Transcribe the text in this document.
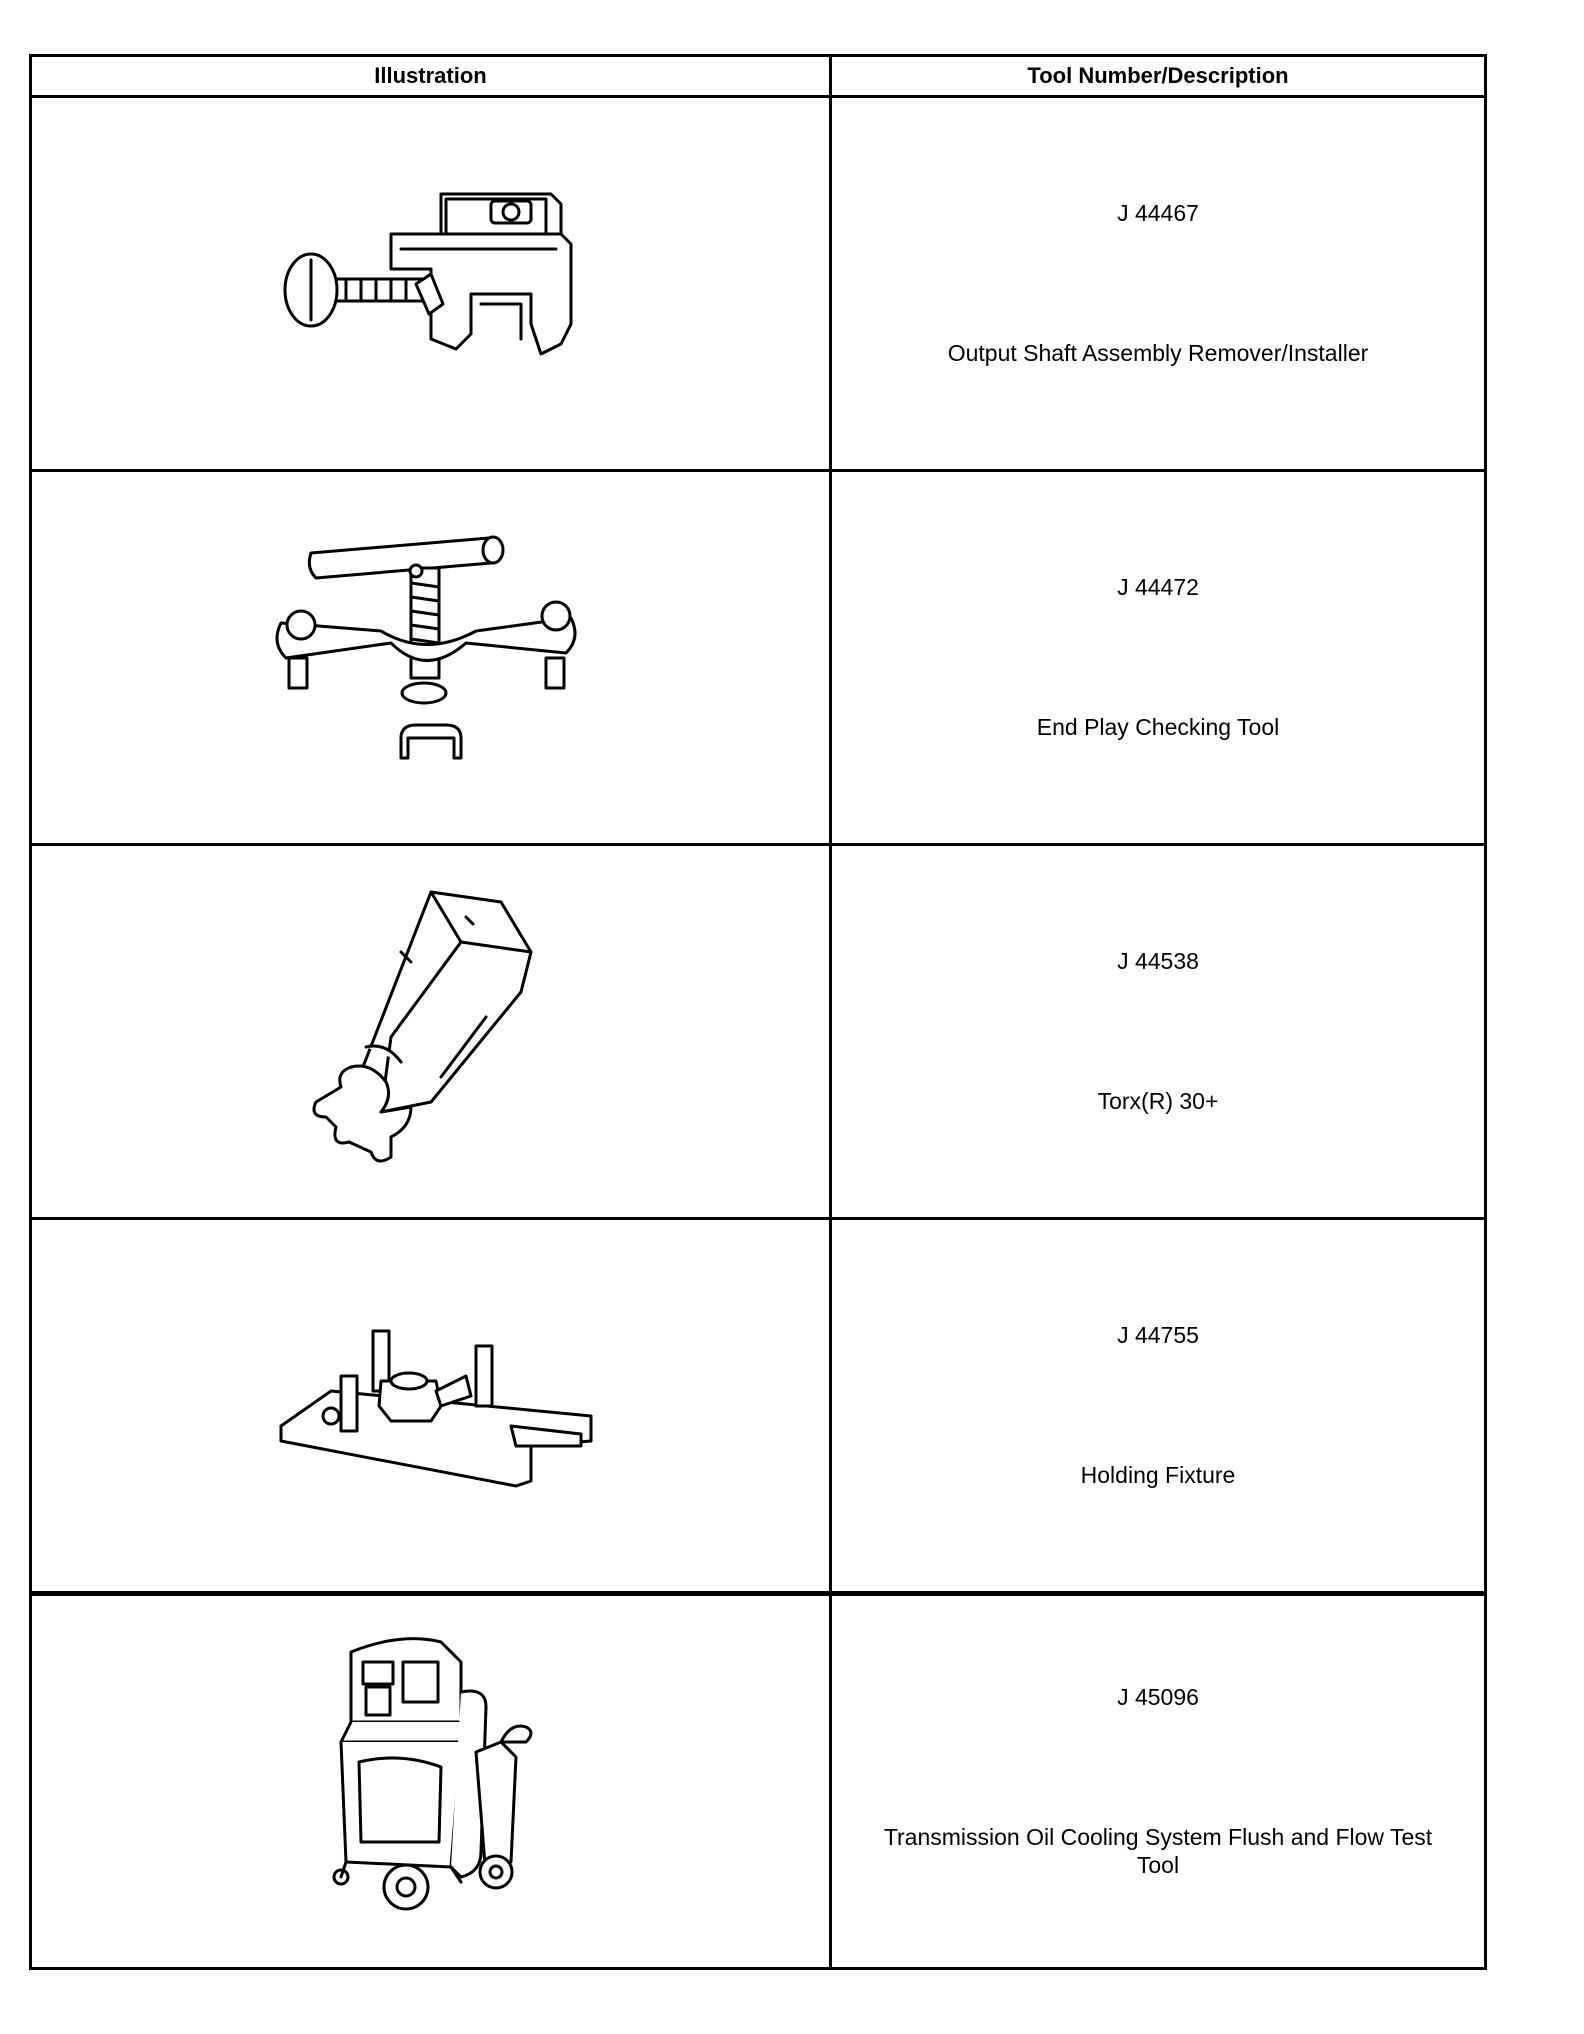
Illustration	Tool Number/Description

J 44467
Output Shaft Assembly Remover/Installer

J 44472
End Play Checking Tool

J 44538
Torx(R) 30+

J 44755
Holding Fixture

J 45096
Transmission Oil Cooling System Flush and Flow Test Tool
